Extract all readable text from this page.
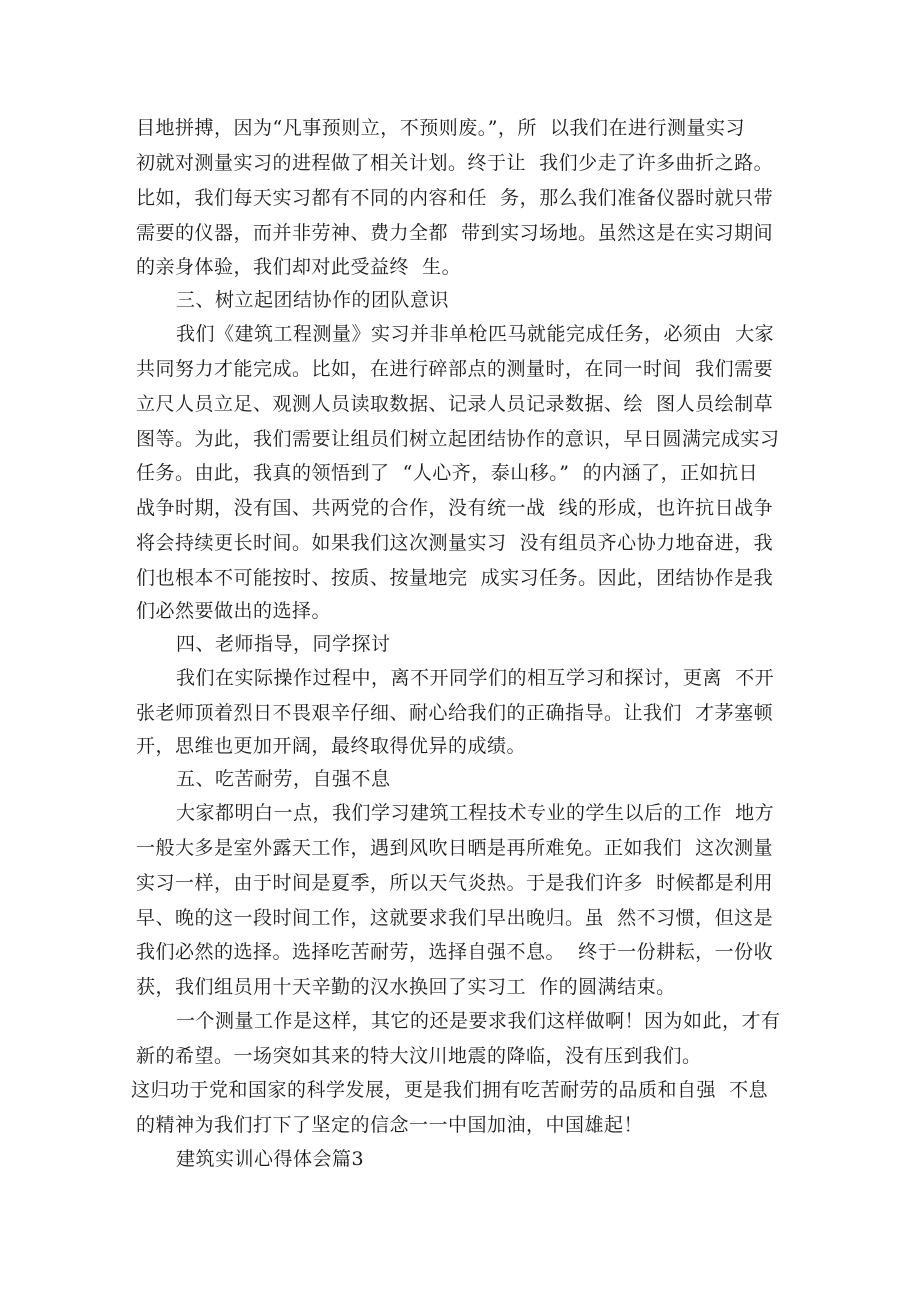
目地拼搏，因为“凡事预则立，不预则废。”，所  以我们在进行测量实习
初就对测量实习的进程做了相关计划。终于让  我们少走了许多曲折之路。
比如，我们每天实习都有不同的内容和任  务，那么我们准备仪器时就只带
需要的仪器，而并非劳神、费力全都  带到实习场地。虽然这是在实习期间
的亲身体验，我们却对此受益终  生。
三、树立起团结协作的团队意识
我们《建筑工程测量》实习并非单枪匹马就能完成任务，必须由  大家
共同努力才能完成。比如，在进行碎部点的测量时，在同一时间  我们需要
立尺人员立足、观测人员读取数据、记录人员记录数据、绘  图人员绘制草
图等。为此，我们需要让组员们树立起团结协作的意识，早日圆满完成实习
任务。由此，我真的领悟到了  “人心齐，泰山移。”  的内涵了，正如抗日
战争时期，没有国、共两党的合作，没有统一战  线的形成，也许抗日战争
将会持续更长时间。如果我们这次测量实习  没有组员齐心协力地奋进，我
们也根本不可能按时、按质、按量地完  成实习任务。因此，团结协作是我
们必然要做出的选择。
四、老师指导，同学探讨
我们在实际操作过程中，离不开同学们的相互学习和探讨，更离  不开
张老师顶着烈日不畏艰辛仔细、耐心给我们的正确指导。让我们  才茅塞顿
开，思维也更加开阔，最终取得优异的成绩。
五、吃苦耐劳，自强不息
大家都明白一点，我们学习建筑工程技术专业的学生以后的工作  地方
一般大多是室外露天工作，遇到风吹日晒是再所难免。正如我们  这次测量
实习一样，由于时间是夏季，所以天气炎热。于是我们许多  时候都是利用
早、晚的这一段时间工作，这就要求我们早出晚归。虽  然不习惯，但这是
我们必然的选择。选择吃苦耐劳，选择自强不息。  终于一份耕耘，一份收
获，我们组员用十天辛勤的汉水换回了实习工  作的圆满结束。
一个测量工作是这样，其它的还是要求我们这样做啊！因为如此，才有
新的希望。一场突如其来的特大汶川地震的降临，没有压到我们。
这归功于党和国家的科学发展，更是我们拥有吃苦耐劳的品质和自强  不息
的精神为我们打下了坚定的信念一一中国加油，中国雄起！
建筑实训心得体会篇3
